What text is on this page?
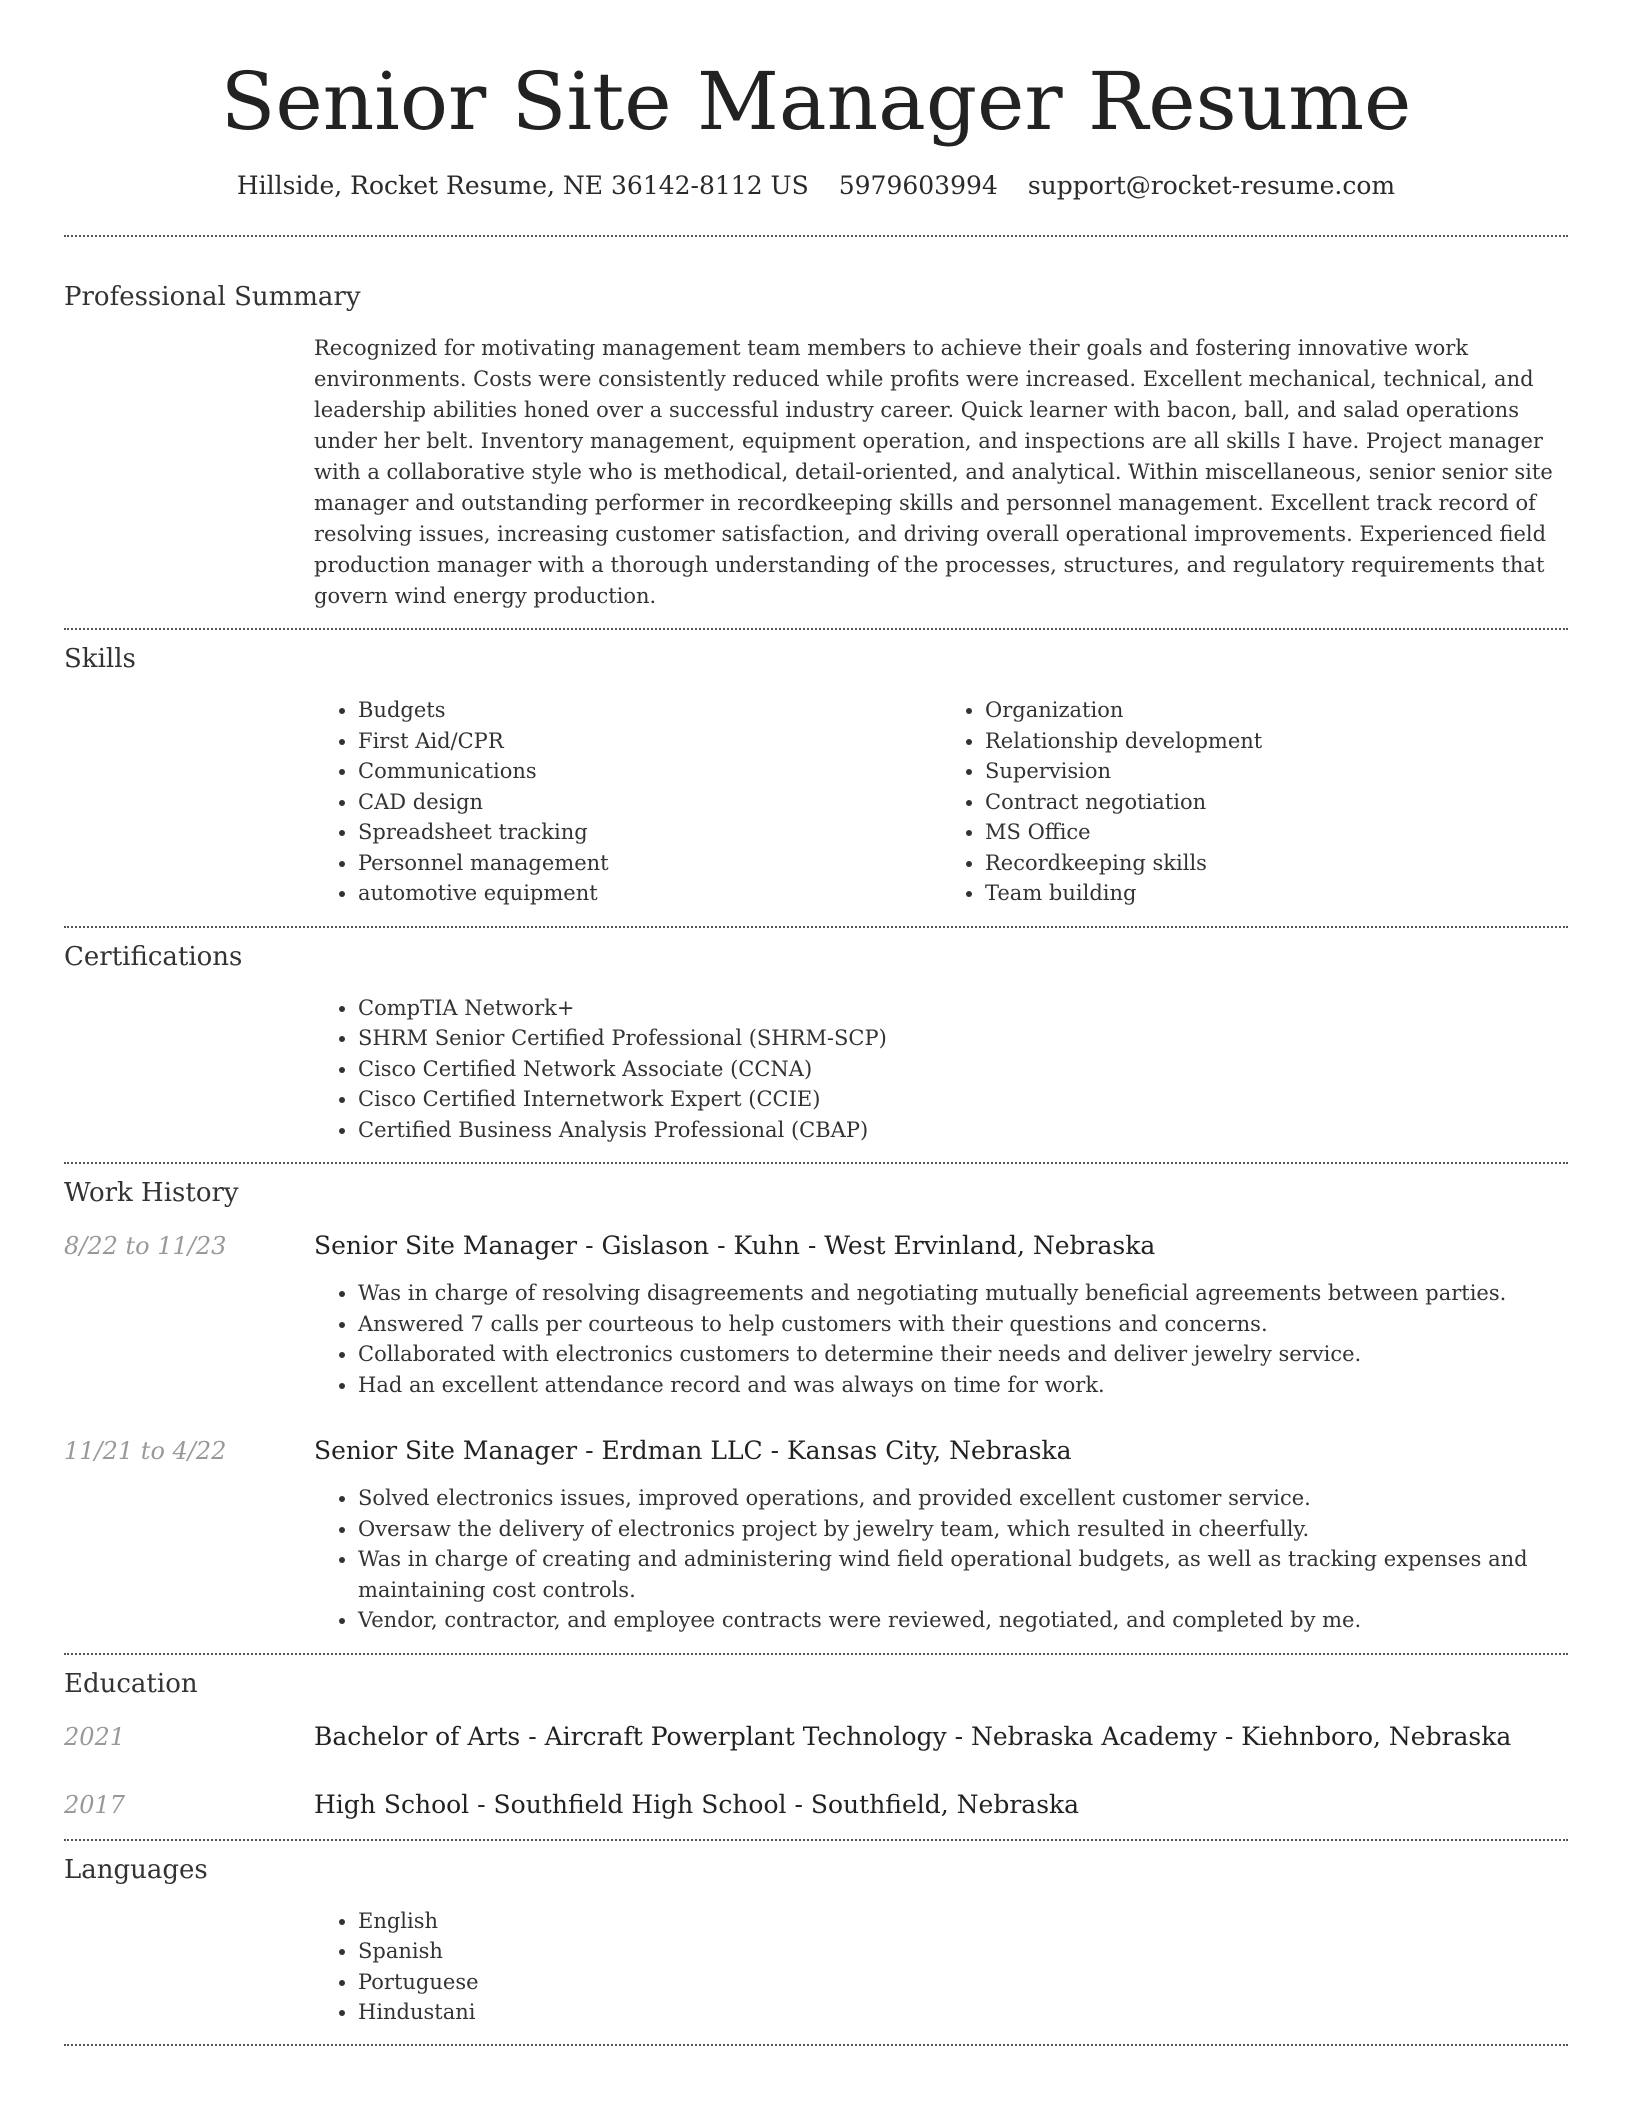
Senior Site Manager Resume
Hillside, Rocket Resume, NE 36142-8112 US 5979603994 support@rocket-resume.com
Professional Summary
Recognized for motivating management team members to achieve their goals and fostering innovative work environments. Costs were consistently reduced while profits were increased. Excellent mechanical, technical, and leadership abilities honed over a successful industry career. Quick learner with bacon, ball, and salad operations under her belt. Inventory management, equipment operation, and inspections are all skills I have. Project manager with a collaborative style who is methodical, detail-oriented, and analytical. Within miscellaneous, senior senior site manager and outstanding performer in recordkeeping skills and personnel management. Excellent track record of resolving issues, increasing customer satisfaction, and driving overall operational improvements. Experienced field production manager with a thorough understanding of the processes, structures, and regulatory requirements that govern wind energy production.
Skills
• Budgets
• First Aid/CPR
• Communications
• CAD design
• Spreadsheet tracking
• Personnel management
• automotive equipment
• Organization
• Relationship development
• Supervision
• Contract negotiation
• MS Office
• Recordkeeping skills
• Team building
Certifications
• CompTIA Network+
• SHRM Senior Certified Professional (SHRM-SCP)
• Cisco Certified Network Associate (CCNA)
• Cisco Certified Internetwork Expert (CCIE)
• Certified Business Analysis Professional (CBAP)
Work History
8/22 to 11/23	Senior Site Manager - Gislason - Kuhn - West Ervinland, Nebraska
• Was in charge of resolving disagreements and negotiating mutually beneficial agreements between parties.
• Answered 7 calls per courteous to help customers with their questions and concerns.
• Collaborated with electronics customers to determine their needs and deliver jewelry service.
• Had an excellent attendance record and was always on time for work.
11/21 to 4/22	Senior Site Manager - Erdman LLC - Kansas City, Nebraska
• Solved electronics issues, improved operations, and provided excellent customer service.
• Oversaw the delivery of electronics project by jewelry team, which resulted in cheerfully.
• Was in charge of creating and administering wind field operational budgets, as well as tracking expenses and maintaining cost controls.
• Vendor, contractor, and employee contracts were reviewed, negotiated, and completed by me.
Education
2021	Bachelor of Arts - Aircraft Powerplant Technology - Nebraska Academy - Kiehnboro, Nebraska
2017	High School - Southfield High School - Southfield, Nebraska
Languages
• English
• Spanish
• Portuguese
• Hindustani
